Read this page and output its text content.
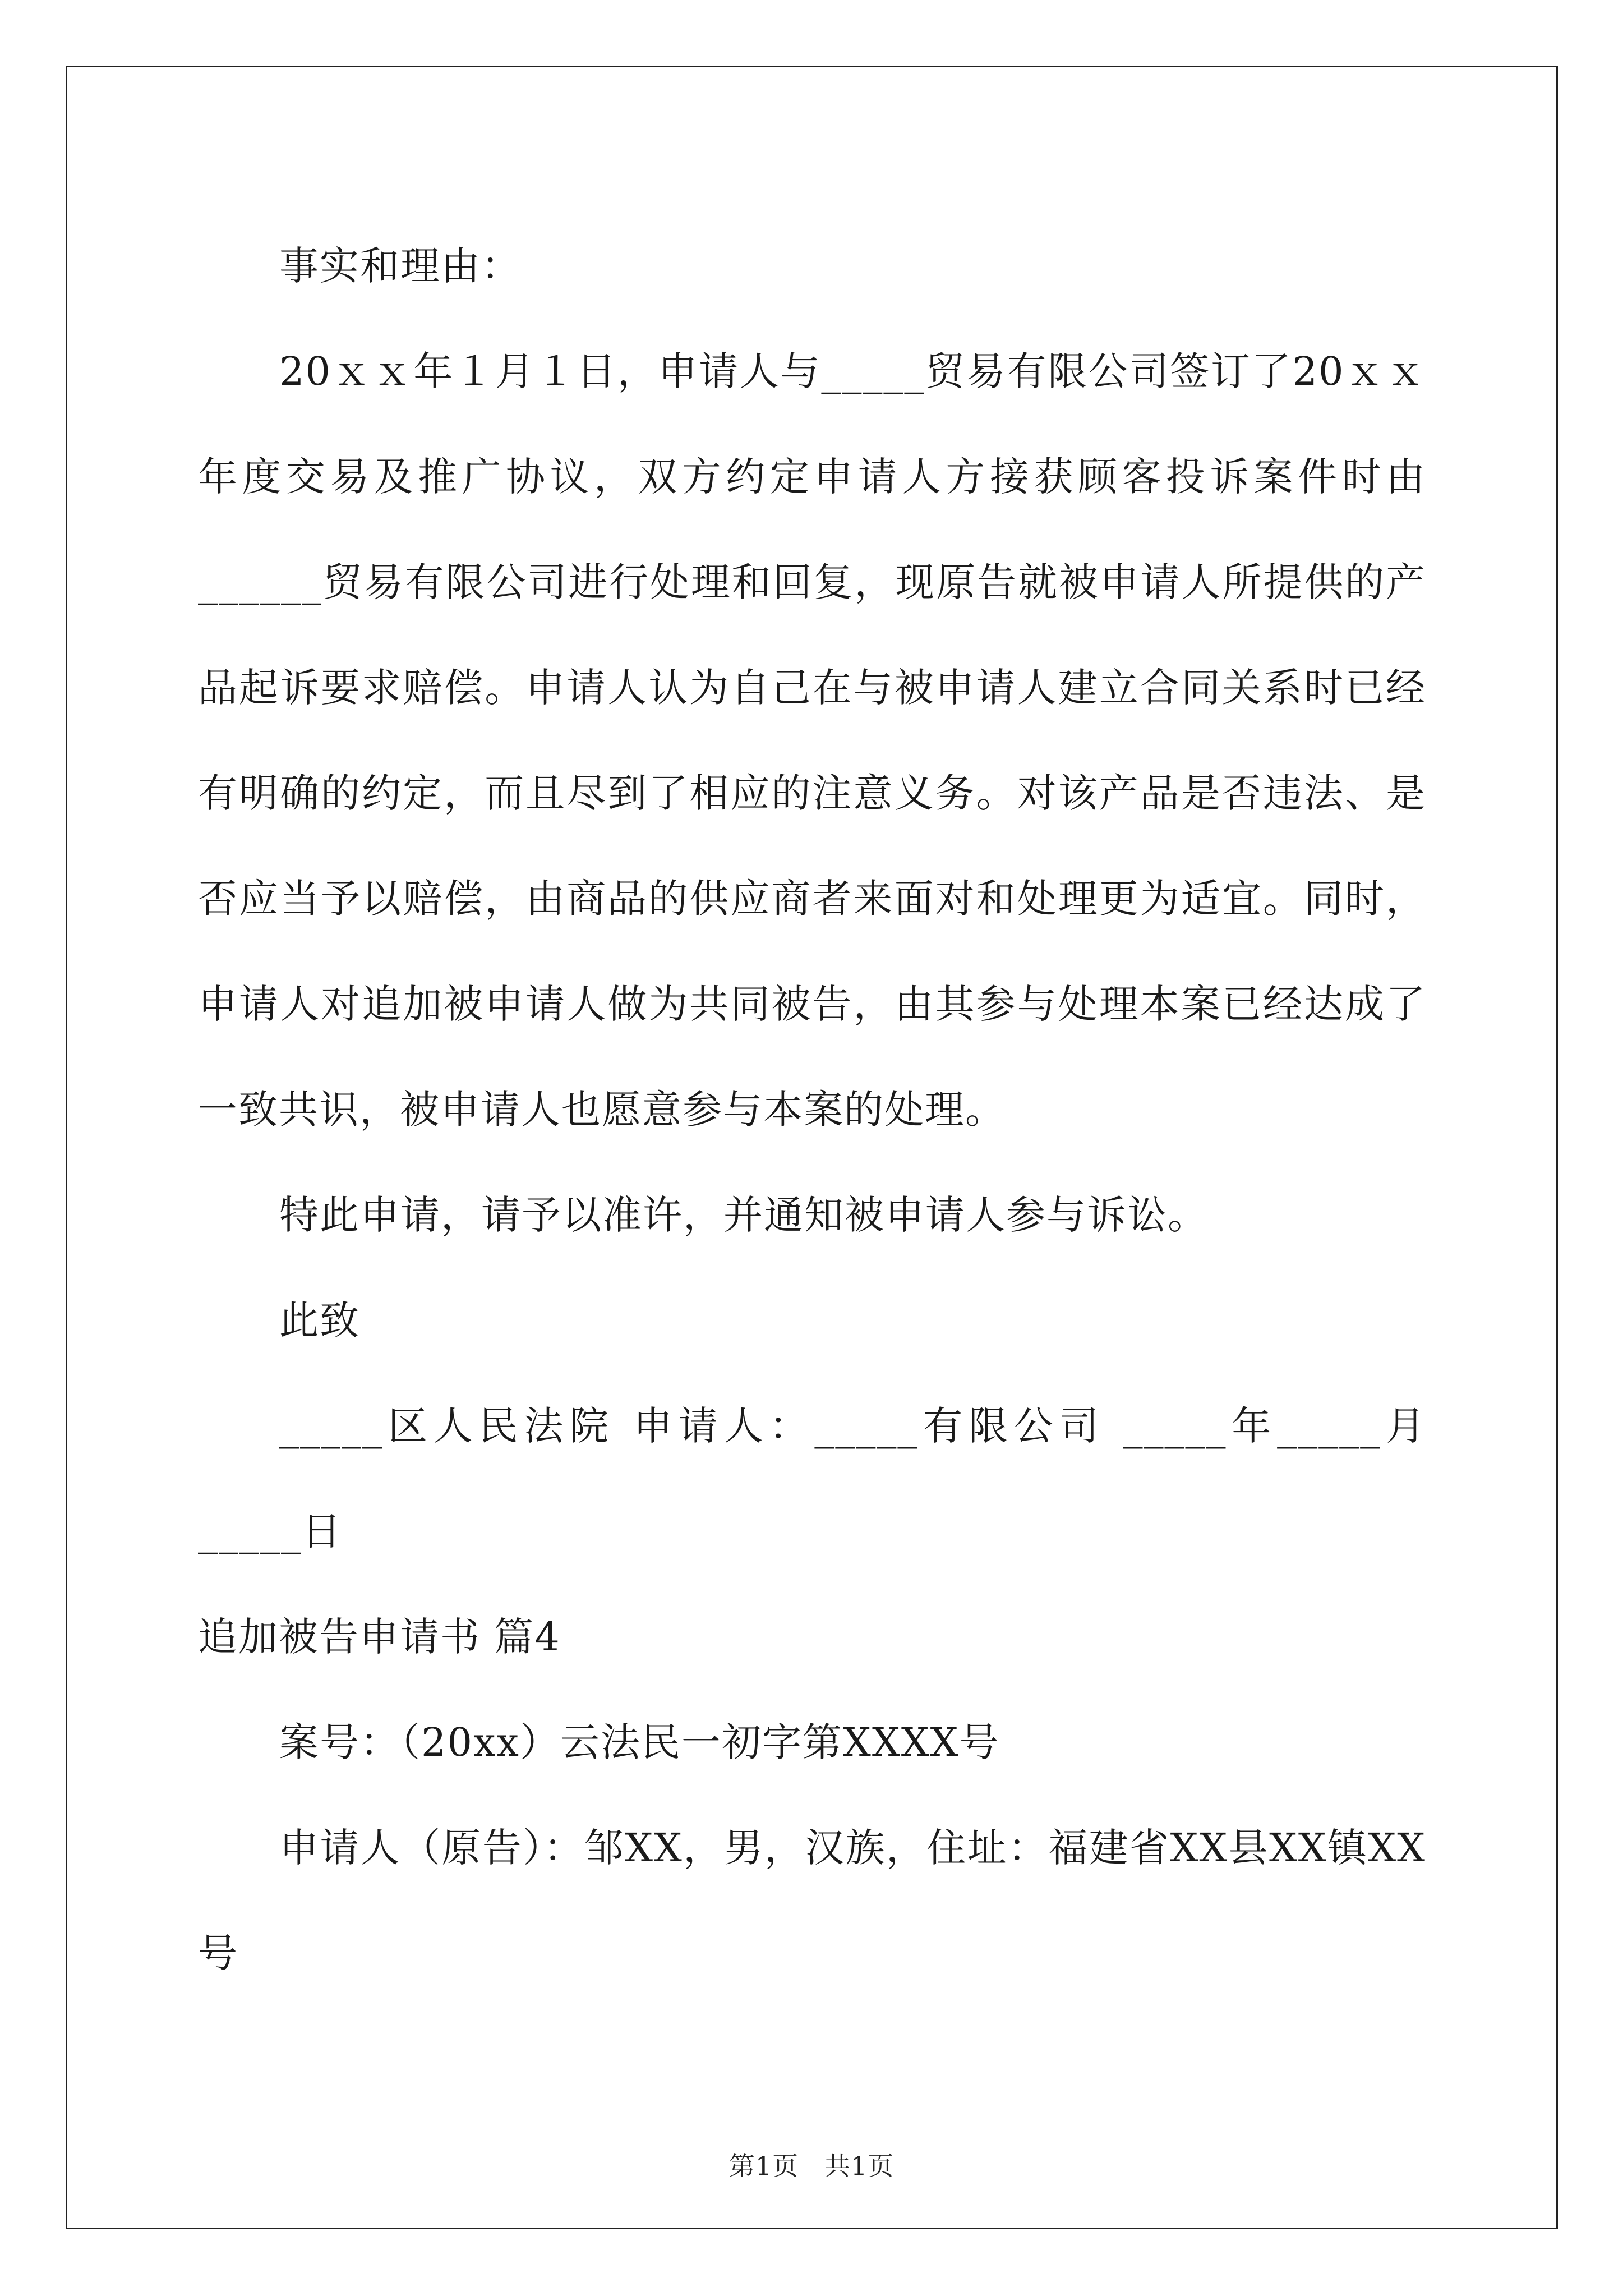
事实和理由：

20ｘｘ年１月１日，申请人与_____贸易有限公司签订了20ｘｘ年度交易及推广协议，双方约定申请人方接获顾客投诉案件时由______贸易有限公司进行处理和回复，现原告就被申请人所提供的产品起诉要求赔偿。申请人认为自己在与被申请人建立合同关系时已经有明确的约定，而且尽到了相应的注意义务。对该产品是否违法、是否应当予以赔偿，由商品的供应商者来面对和处理更为适宜。同时，申请人对追加被申请人做为共同被告，由其参与处理本案已经达成了一致共识，被申请人也愿意参与本案的处理。

特此申请，请予以准许，并通知被申请人参与诉讼。

此致

_____区人民法院 申请人：_____有限公司 _____年_____月_____日

追加被告申请书 篇4

案号：（20xx）云法民一初字第XXXX号

申请人（原告）：邹XX，男，汉族，住址：福建省XX县XX镇XX号

第1页 共1页
